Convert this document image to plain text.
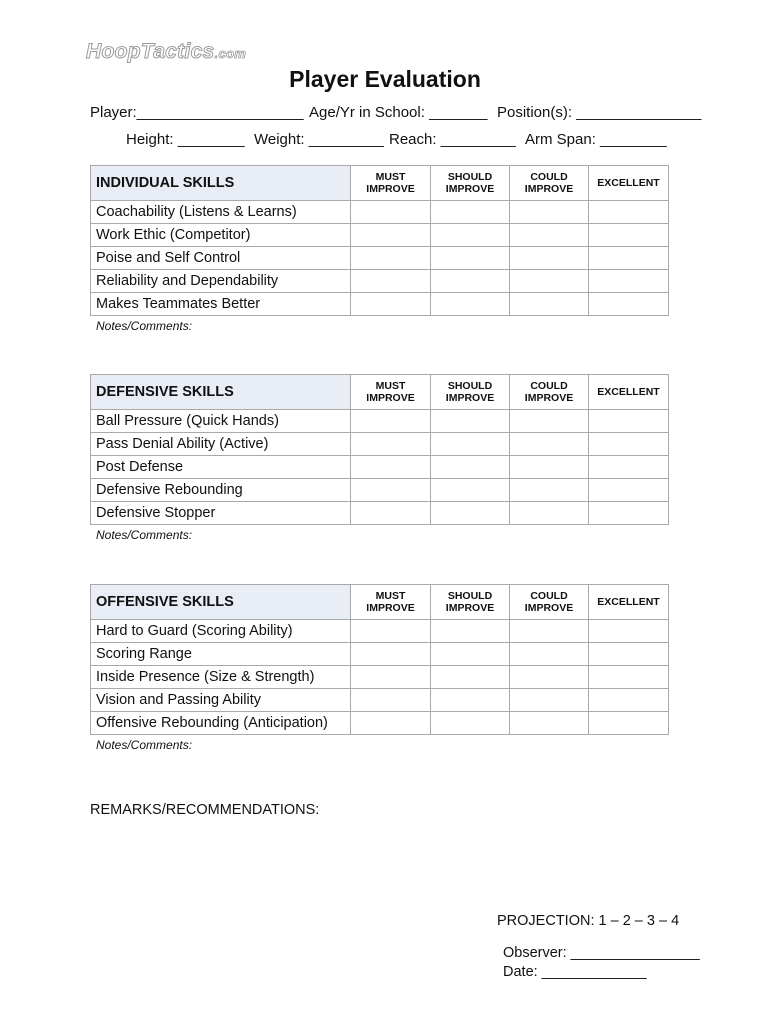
HoopTactics.com
Player Evaluation
Player:____________________ Age/Yr in School: _______ Position(s): _______________
Height: ________ Weight: _________ Reach: _________ Arm Span: ________
INDIVIDUAL SKILLS	MUST IMPROVE	SHOULD IMPROVE	COULD IMPROVE	EXCELLENT
Coachability (Listens & Learns)				
Work Ethic (Competitor)				
Poise and Self Control				
Reliability and Dependability				
Makes Teammates Better				
Notes/Comments:
DEFENSIVE SKILLS	MUST IMPROVE	SHOULD IMPROVE	COULD IMPROVE	EXCELLENT
Ball Pressure (Quick Hands)				
Pass Denial Ability (Active)				
Post Defense				
Defensive Rebounding				
Defensive Stopper				
Notes/Comments:
OFFENSIVE SKILLS	MUST IMPROVE	SHOULD IMPROVE	COULD IMPROVE	EXCELLENT
Hard to Guard (Scoring Ability)				
Scoring Range				
Inside Presence (Size & Strength)				
Vision and Passing Ability				
Offensive Rebounding (Anticipation)				
Notes/Comments:
REMARKS/RECOMMENDATIONS:
PROJECTION: 1 – 2 – 3 – 4
Observer: ________________
Date: _____________
